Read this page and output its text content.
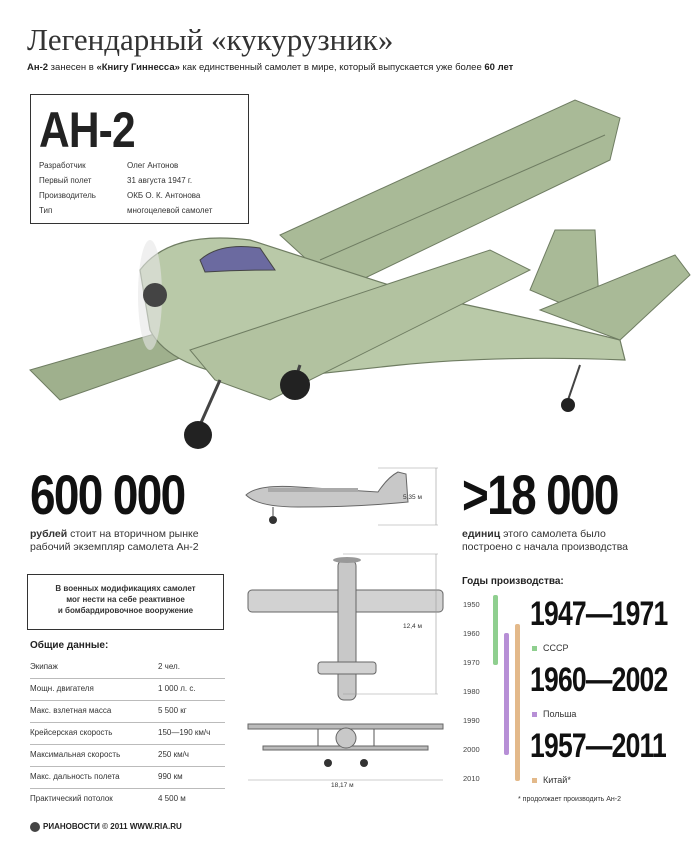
Легендарный «кукурузник»
Ан-2 занесен в «Книгу Гиннесса» как единственный самолет в мире, который выпускается уже более 60 лет
АН-2
Разработчик	Олег Антонов
Первый полет	31 августа 1947 г.
Производитель	ОКБ О. К. Антонова
Тип	многоцелевой самолет
600 000
рублей стоит на вторичном рынке
рабочий экземпляр самолета Ан-2
>18 000
единиц этого самолета было
построено с начала производства
5,35 м
12,4 м
18,17 м
В военных модификациях самолет
мог нести на себе реактивное
и бомбардировочное вооружение
Общие данные:
Экипаж	2 чел.
Мощн. двигателя	1 000 л. с.
Макс. взлетная масса	5 500 кг
Крейсерская скорость	150—190 км/ч
Максимальная скорость	250 км/ч
Макс. дальность полета	990 км
Практический потолок	4 500 м
Годы производства:
1950
1960
1970
1980
1990
2000
2010
1947—1971
СССР
1960—2002
Польша
1957—2011
Китай*
* продолжает производить Ан-2
РИАНОВОСТИ © 2011 WWW.RIA.RU
